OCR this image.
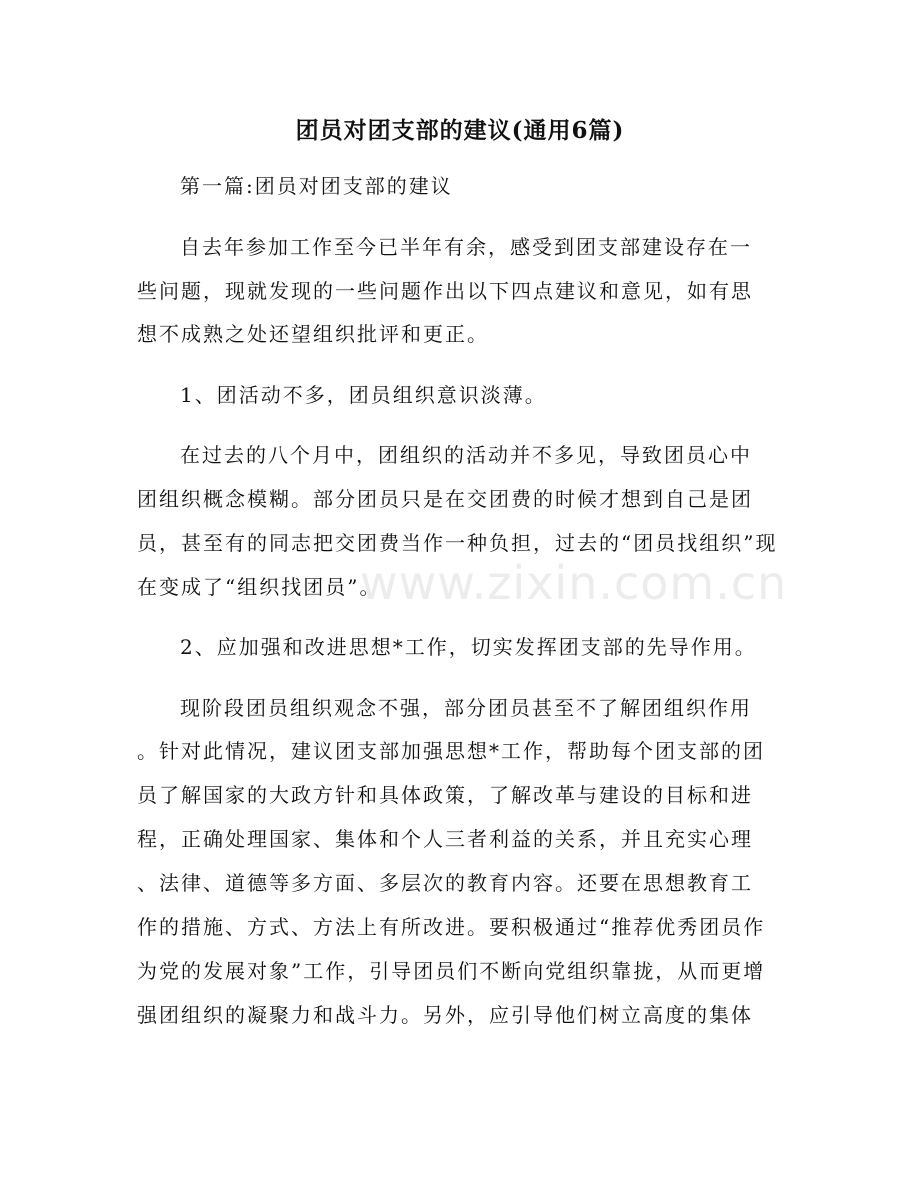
www.zixin.com.cn
团员对团支部的建议(通用6篇)
第一篇:团员对团支部的建议
自去年参加工作至今已半年有余，感受到团支部建设存在一
些问题，现就发现的一些问题作出以下四点建议和意见，如有思
想不成熟之处还望组织批评和更正。
1、团活动不多，团员组织意识淡薄。
在过去的八个月中，团组织的活动并不多见，导致团员心中
团组织概念模糊。部分团员只是在交团费的时候才想到自己是团
员，甚至有的同志把交团费当作一种负担，过去的“团员找组织”现
在变成了“组织找团员”。
2、应加强和改进思想*工作，切实发挥团支部的先导作用。
现阶段团员组织观念不强，部分团员甚至不了解团组织作用
。针对此情况，建议团支部加强思想*工作，帮助每个团支部的团
员了解国家的大政方针和具体政策，了解改革与建设的目标和进
程，正确处理国家、集体和个人三者利益的关系，并且充实心理
、法律、道德等多方面、多层次的教育内容。还要在思想教育工
作的措施、方式、方法上有所改进。要积极通过“推荐优秀团员作
为党的发展对象”工作，引导团员们不断向党组织靠拢，从而更增
强团组织的凝聚力和战斗力。另外，应引导他们树立高度的集体
